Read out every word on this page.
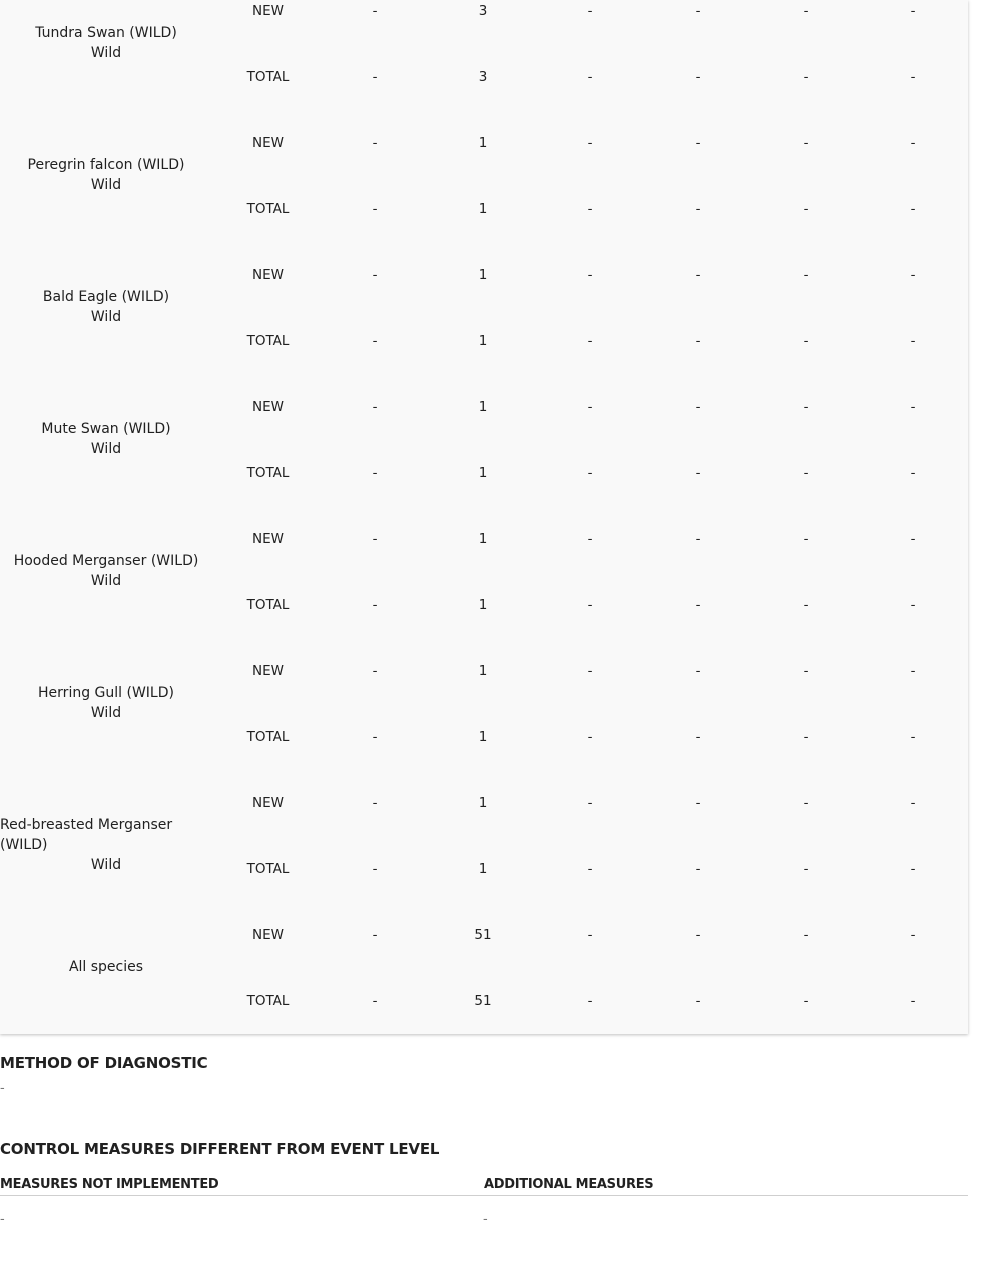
Tundra Swan (WILD)
Wild
NEW	-	3	-	-	-	-
TOTAL	-	3	-	-	-	-
Peregrin falcon (WILD)
Wild
NEW	-	1	-	-	-	-
TOTAL	-	1	-	-	-	-
Bald Eagle (WILD)
Wild
NEW	-	1	-	-	-	-
TOTAL	-	1	-	-	-	-
Mute Swan (WILD)
Wild
NEW	-	1	-	-	-	-
TOTAL	-	1	-	-	-	-
Hooded Merganser (WILD)
Wild
NEW	-	1	-	-	-	-
TOTAL	-	1	-	-	-	-
Herring Gull (WILD)
Wild
NEW	-	1	-	-	-	-
TOTAL	-	1	-	-	-	-
Red-breasted Merganser (WILD)
Wild
NEW	-	1	-	-	-	-
TOTAL	-	1	-	-	-	-
All species
NEW	-	51	-	-	-	-
TOTAL	-	51	-	-	-	-
METHOD OF DIAGNOSTIC
-
CONTROL MEASURES DIFFERENT FROM EVENT LEVEL
MEASURES NOT IMPLEMENTED	ADDITIONAL MEASURES
-	-
